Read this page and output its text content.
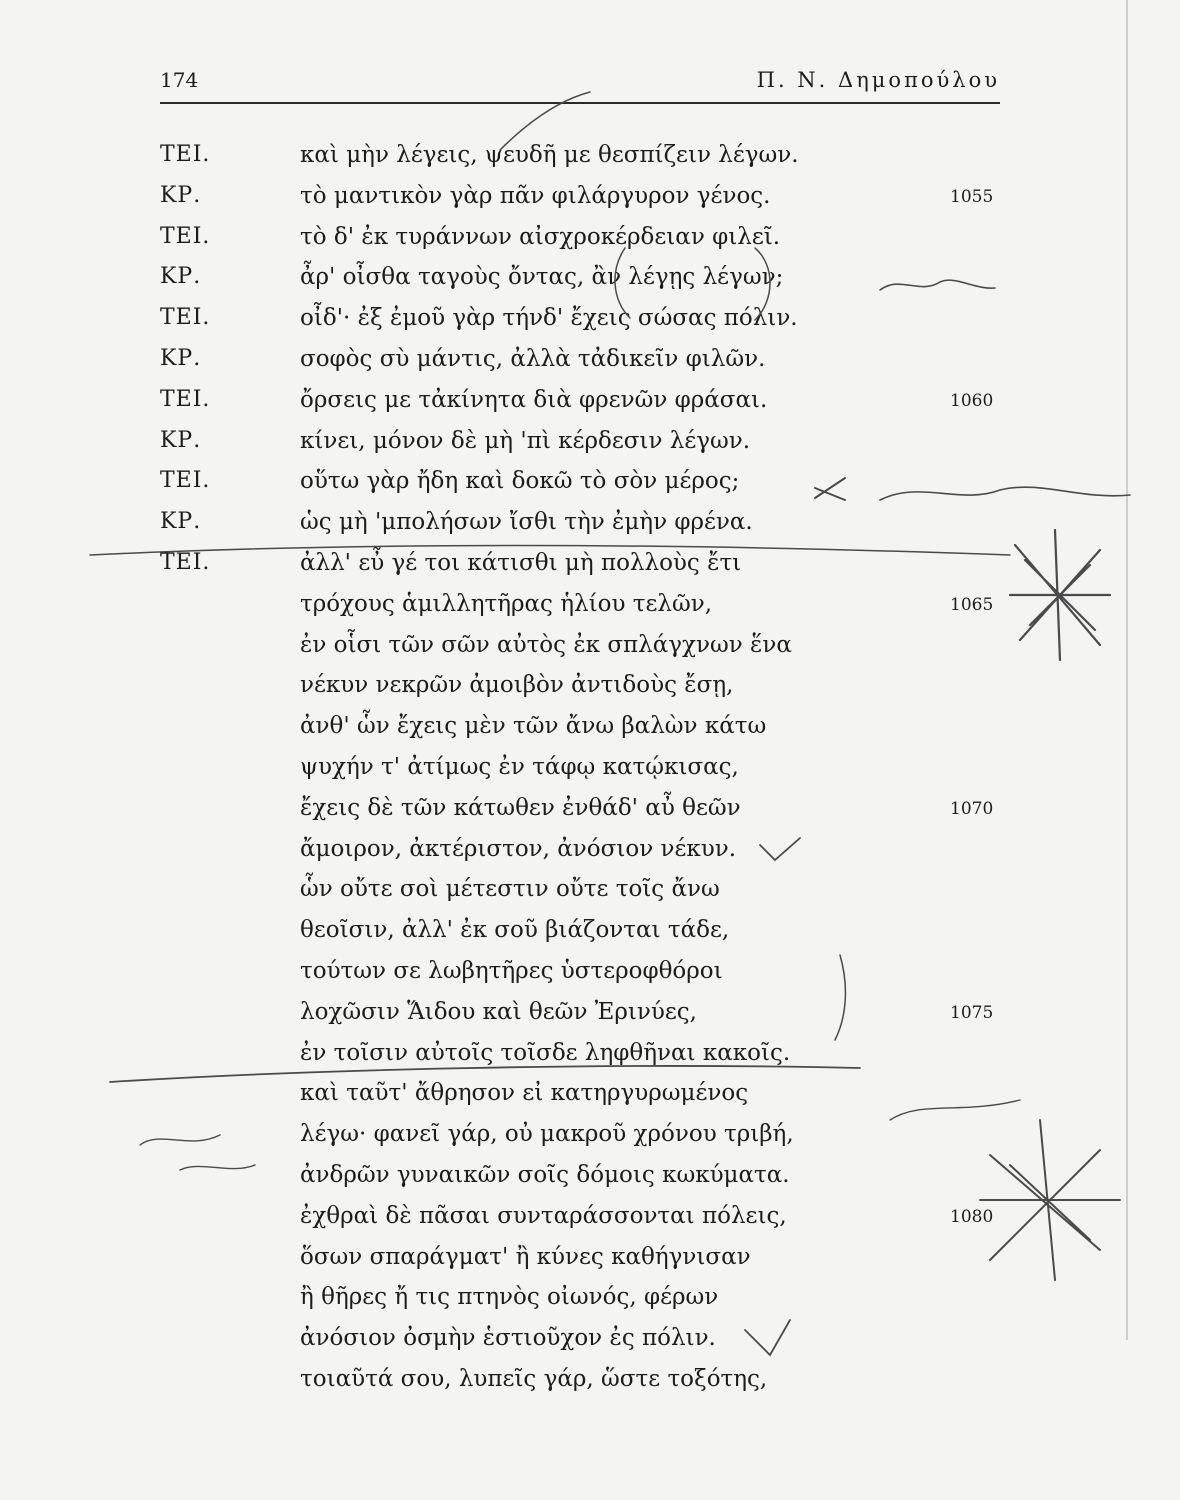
174	Π. Ν. Δημοπούλου
ΤΕΙ.	καὶ μὴν λέγεις, ψευδῆ με θεσπίζειν λέγων.
ΚΡ.	τὸ μαντικὸν γὰρ πᾶν φιλάργυρον γένος.	1055
ΤΕΙ.	τὸ δ' ἐκ τυράννων αἰσχροκέρδειαν φιλεῖ.
ΚΡ.	ἆρ' οἶσθα ταγοὺς ὄντας, ἂν λέγῃς λέγων;
ΤΕΙ.	οἶδ'· ἐξ ἐμοῦ γὰρ τήνδ' ἔχεις σώσας πόλιν.
ΚΡ.	σοφὸς σὺ μάντις, ἀλλὰ τἀδικεῖν φιλῶν.
ΤΕΙ.	ὄρσεις με τἀκίνητα διὰ φρενῶν φράσαι.	1060
ΚΡ.	κίνει, μόνον δὲ μὴ 'πὶ κέρδεσιν λέγων.
ΤΕΙ.	οὕτω γὰρ ἤδη καὶ δοκῶ τὸ σὸν μέρος;
ΚΡ.	ὡς μὴ 'μπολήσων ἴσθι τὴν ἐμὴν φρένα.
ΤΕΙ.	ἀλλ' εὖ γέ τοι κάτισθι μὴ πολλοὺς ἔτι
τρόχους ἁμιλλητῆρας ἡλίου τελῶν,	1065
ἐν οἷσι τῶν σῶν αὐτὸς ἐκ σπλάγχνων ἕνα
νέκυν νεκρῶν ἀμοιβὸν ἀντιδοὺς ἔσῃ,
ἀνθ' ὧν ἔχεις μὲν τῶν ἄνω βαλὼν κάτω
ψυχήν τ' ἀτίμως ἐν τάφῳ κατῴκισας,
ἔχεις δὲ τῶν κάτωθεν ἐνθάδ' αὖ θεῶν	1070
ἄμοιρον, ἀκτέριστον, ἀνόσιον νέκυν.
ὧν οὔτε σοὶ μέτεστιν οὔτε τοῖς ἄνω
θεοῖσιν, ἀλλ' ἐκ σοῦ βιάζονται τάδε,
τούτων σε λωβητῆρες ὑστεροφθόροι
λοχῶσιν Ἅιδου καὶ θεῶν Ἐρινύες,	1075
ἐν τοῖσιν αὐτοῖς τοῖσδε ληφθῆναι κακοῖς.
καὶ ταῦτ' ἄθρησον εἰ κατηργυρωμένος
λέγω· φανεῖ γάρ, οὐ μακροῦ χρόνου τριβή,
ἀνδρῶν γυναικῶν σοῖς δόμοις κωκύματα.
ἐχθραὶ δὲ πᾶσαι συνταράσσονται πόλεις,	1080
ὅσων σπαράγματ' ἢ κύνες καθήγνισαν
ἢ θῆρες ἤ τις πτηνὸς οἰωνός, φέρων
ἀνόσιον ὀσμὴν ἑστιοῦχον ἐς πόλιν.
τοιαῦτά σου, λυπεῖς γάρ, ὥστε τοξότης,
